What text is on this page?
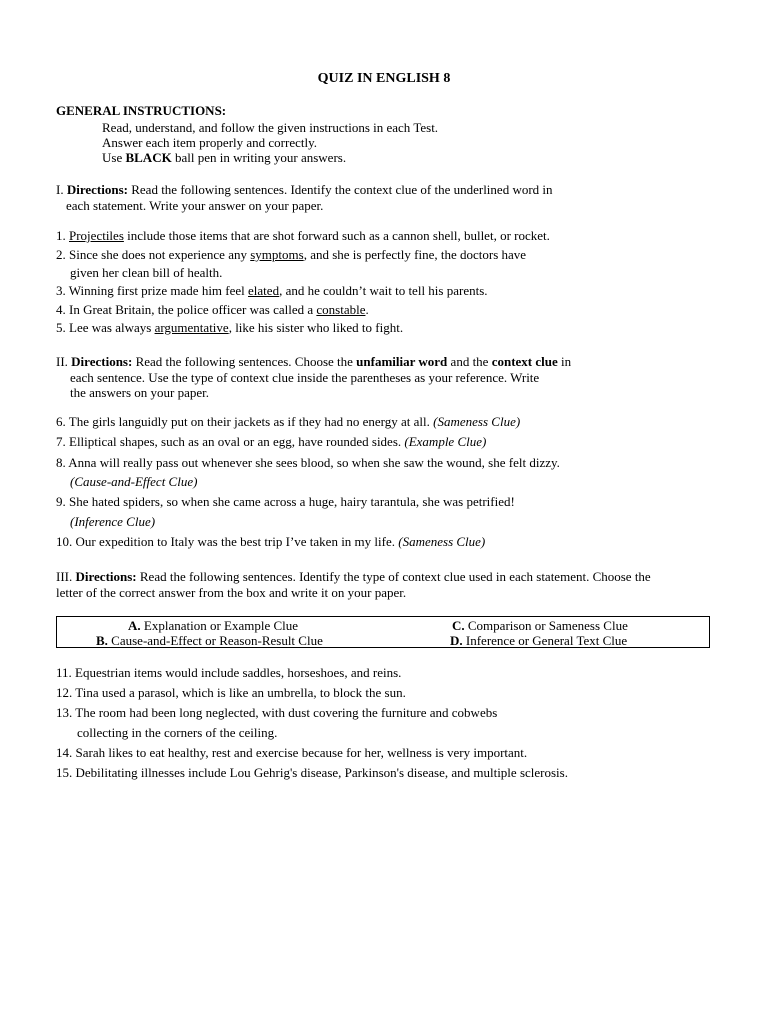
QUIZ IN ENGLISH 8
GENERAL INSTRUCTIONS:
Read, understand, and follow the given instructions in each Test.
Answer each item properly and correctly.
Use BLACK ball pen in writing your answers.
I. Directions: Read the following sentences. Identify the context clue of the underlined word in
each statement. Write your answer on your paper.
1. Projectiles include those items that are shot forward such as a cannon shell, bullet, or rocket.
2. Since she does not experience any symptoms, and she is perfectly fine, the doctors have
given her clean bill of health.
3. Winning first prize made him feel elated, and he couldn’t wait to tell his parents.
4. In Great Britain, the police officer was called a constable.
5. Lee was always argumentative, like his sister who liked to fight.
II. Directions: Read the following sentences. Choose the unfamiliar word and the context clue in
each sentence. Use the type of context clue inside the parentheses as your reference. Write
the answers on your paper.
6. The girls languidly put on their jackets as if they had no energy at all. (Sameness Clue)
7. Elliptical shapes, such as an oval or an egg, have rounded sides. (Example Clue)
8. Anna will really pass out whenever she sees blood, so when she saw the wound, she felt dizzy.
(Cause-and-Effect Clue)
9. She hated spiders, so when she came across a huge, hairy tarantula, she was petrified!
(Inference Clue)
10. Our expedition to Italy was the best trip I’ve taken in my life. (Sameness Clue)
III. Directions: Read the following sentences. Identify the type of context clue used in each statement. Choose the
letter of the correct answer from the box and write it on your paper.
A. Explanation or Example Clue
B. Cause-and-Effect or Reason-Result Clue
C. Comparison or Sameness Clue
D. Inference or General Text Clue
11. Equestrian items would include saddles, horseshoes, and reins.
12. Tina used a parasol, which is like an umbrella, to block the sun.
13. The room had been long neglected, with dust covering the furniture and cobwebs
collecting in the corners of the ceiling.
14. Sarah likes to eat healthy, rest and exercise because for her, wellness is very important.
15. Debilitating illnesses include Lou Gehrig's disease, Parkinson's disease, and multiple sclerosis.
